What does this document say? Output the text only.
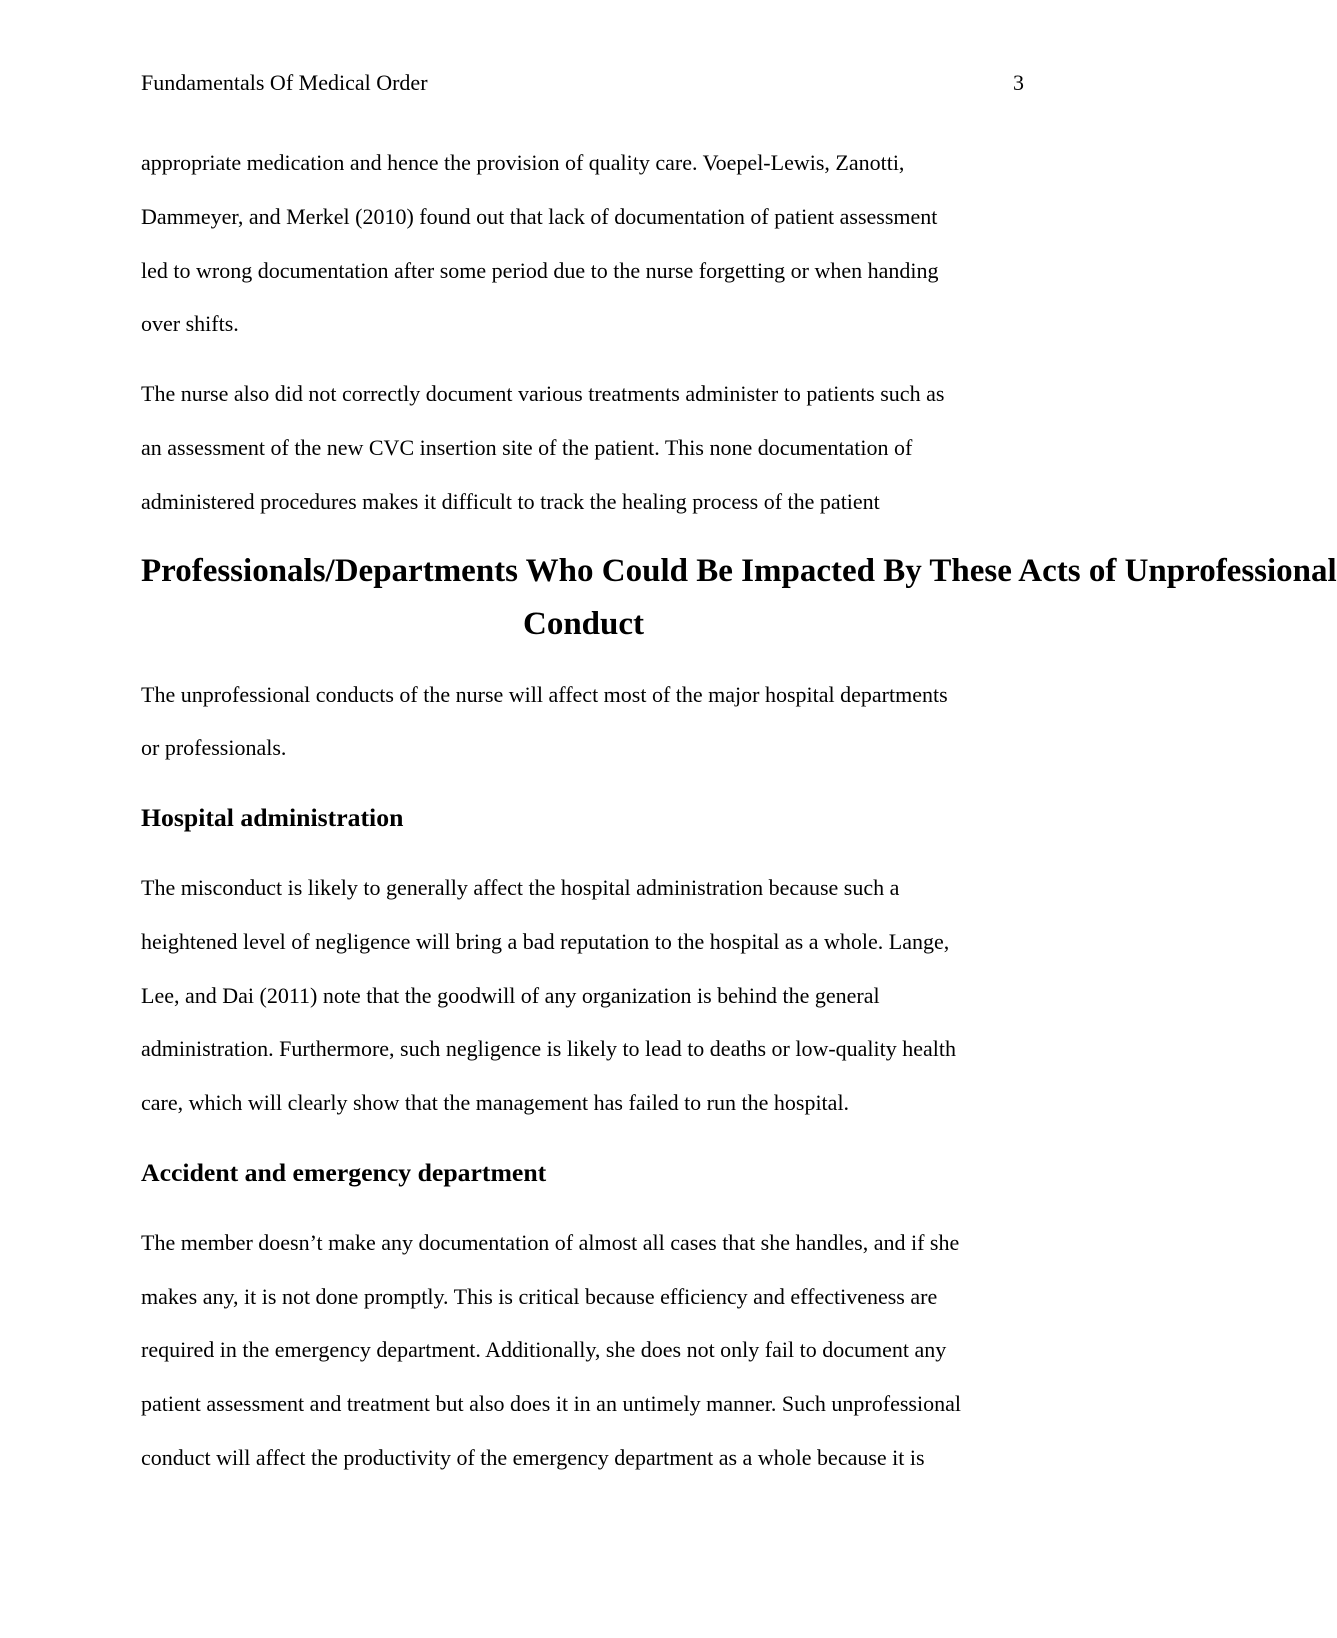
Fundamentals Of Medical Order	3

appropriate medication and hence the provision of quality care. Voepel-Lewis, Zanotti,
Dammeyer, and Merkel (2010) found out that lack of documentation of patient assessment
led to wrong documentation after some period due to the nurse forgetting or when handing
over shifts.

The nurse also did not correctly document various treatments administer to patients such as
an assessment of the new CVC insertion site of the patient. This none documentation of
administered procedures makes it difficult to track the healing process of the patient

Professionals/Departments Who Could Be Impacted By These Acts of Unprofessional
Conduct

The unprofessional conducts of the nurse will affect most of the major hospital departments
or professionals.

Hospital administration

The misconduct is likely to generally affect the hospital administration because such a
heightened level of negligence will bring a bad reputation to the hospital as a whole. Lange,
Lee, and Dai (2011) note that the goodwill of any organization is behind the general
administration. Furthermore, such negligence is likely to lead to deaths or low-quality health
care, which will clearly show that the management has failed to run the hospital.

Accident and emergency department

The member doesn’t make any documentation of almost all cases that she handles, and if she
makes any, it is not done promptly. This is critical because efficiency and effectiveness are
required in the emergency department. Additionally, she does not only fail to document any
patient assessment and treatment but also does it in an untimely manner. Such unprofessional
conduct will affect the productivity of the emergency department as a whole because it is
